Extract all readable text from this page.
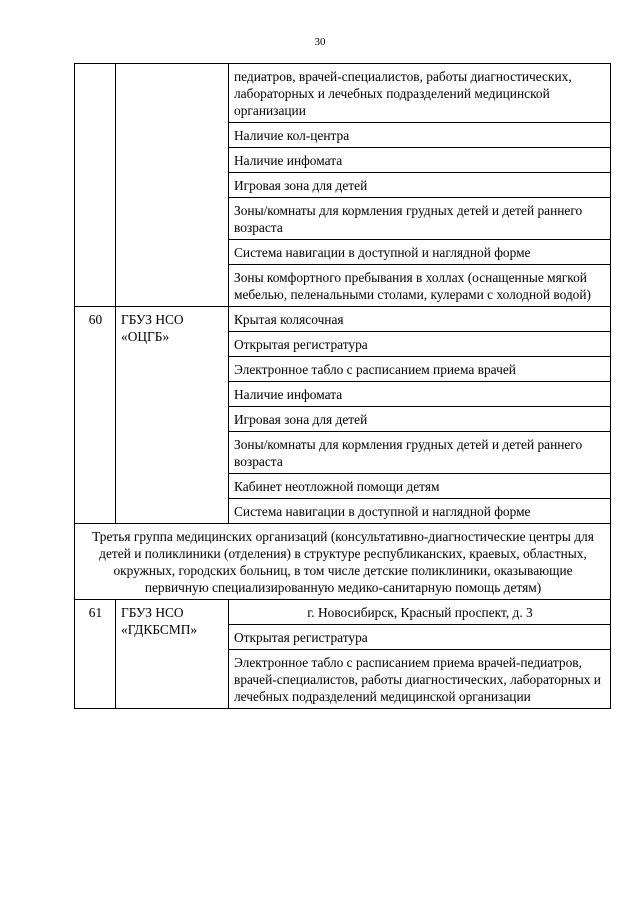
30
		педиатров, врачей-специалистов, работы диагностических, лабораторных и лечебных подразделений медицинской организации
		Наличие кол-центра
		Наличие инфомата
		Игровая зона для детей
		Зоны/комнаты для кормления грудных детей и детей раннего возраста
		Система навигации в доступной и наглядной форме
		Зоны комфортного пребывания в холлах (оснащенные мягкой мебелью, пеленальными столами, кулерами с холодной водой)
60	ГБУЗ НСО «ОЦГБ»	Крытая колясочная
		Открытая регистратура
		Электронное табло с расписанием приема врачей
		Наличие инфомата
		Игровая зона для детей
		Зоны/комнаты для кормления грудных детей и детей раннего возраста
		Кабинет неотложной помощи детям
		Система навигации в доступной и наглядной форме
Третья группа медицинских организаций (консультативно-диагностические центры для детей и поликлиники (отделения) в структуре республиканских, краевых, областных, окружных, городских больниц, в том числе детские поликлиники, оказывающие первичную специализированную медико-санитарную помощь детям)		
61	ГБУЗ НСО «ГДКБСМП»	г. Новосибирск, Красный проспект, д. 3
		Открытая регистратура
		Электронное табло с расписанием приема врачей-педиатров, врачей-специалистов, работы диагностических, лабораторных и лечебных подразделений медицинской организации
